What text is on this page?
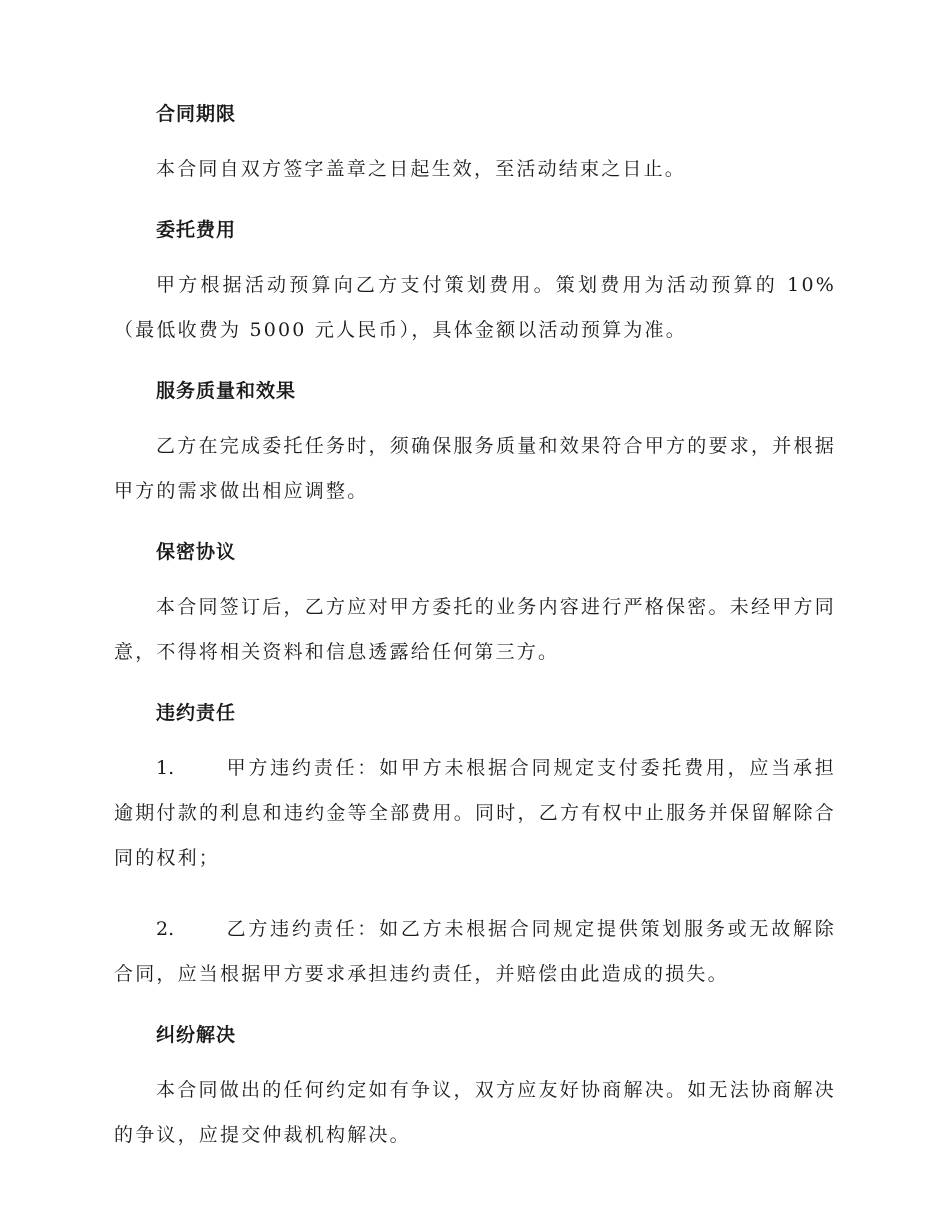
合同期限

本合同自双方签字盖章之日起生效，至活动结束之日止。

委托费用

甲方根据活动预算向乙方支付策划费用。策划费用为活动预算的 10%（最低收费为 5000 元人民币），具体金额以活动预算为准。

服务质量和效果

乙方在完成委托任务时，须确保服务质量和效果符合甲方的要求，并根据甲方的需求做出相应调整。

保密协议

本合同签订后，乙方应对甲方委托的业务内容进行严格保密。未经甲方同意，不得将相关资料和信息透露给任何第三方。

违约责任

1.	甲方违约责任：如甲方未根据合同规定支付委托费用，应当承担逾期付款的利息和违约金等全部费用。同时，乙方有权中止服务并保留解除合同的权利；

2.	乙方违约责任：如乙方未根据合同规定提供策划服务或无故解除合同，应当根据甲方要求承担违约责任，并赔偿由此造成的损失。

纠纷解决

本合同做出的任何约定如有争议，双方应友好协商解决。如无法协商解决的争议，应提交仲裁机构解决。
